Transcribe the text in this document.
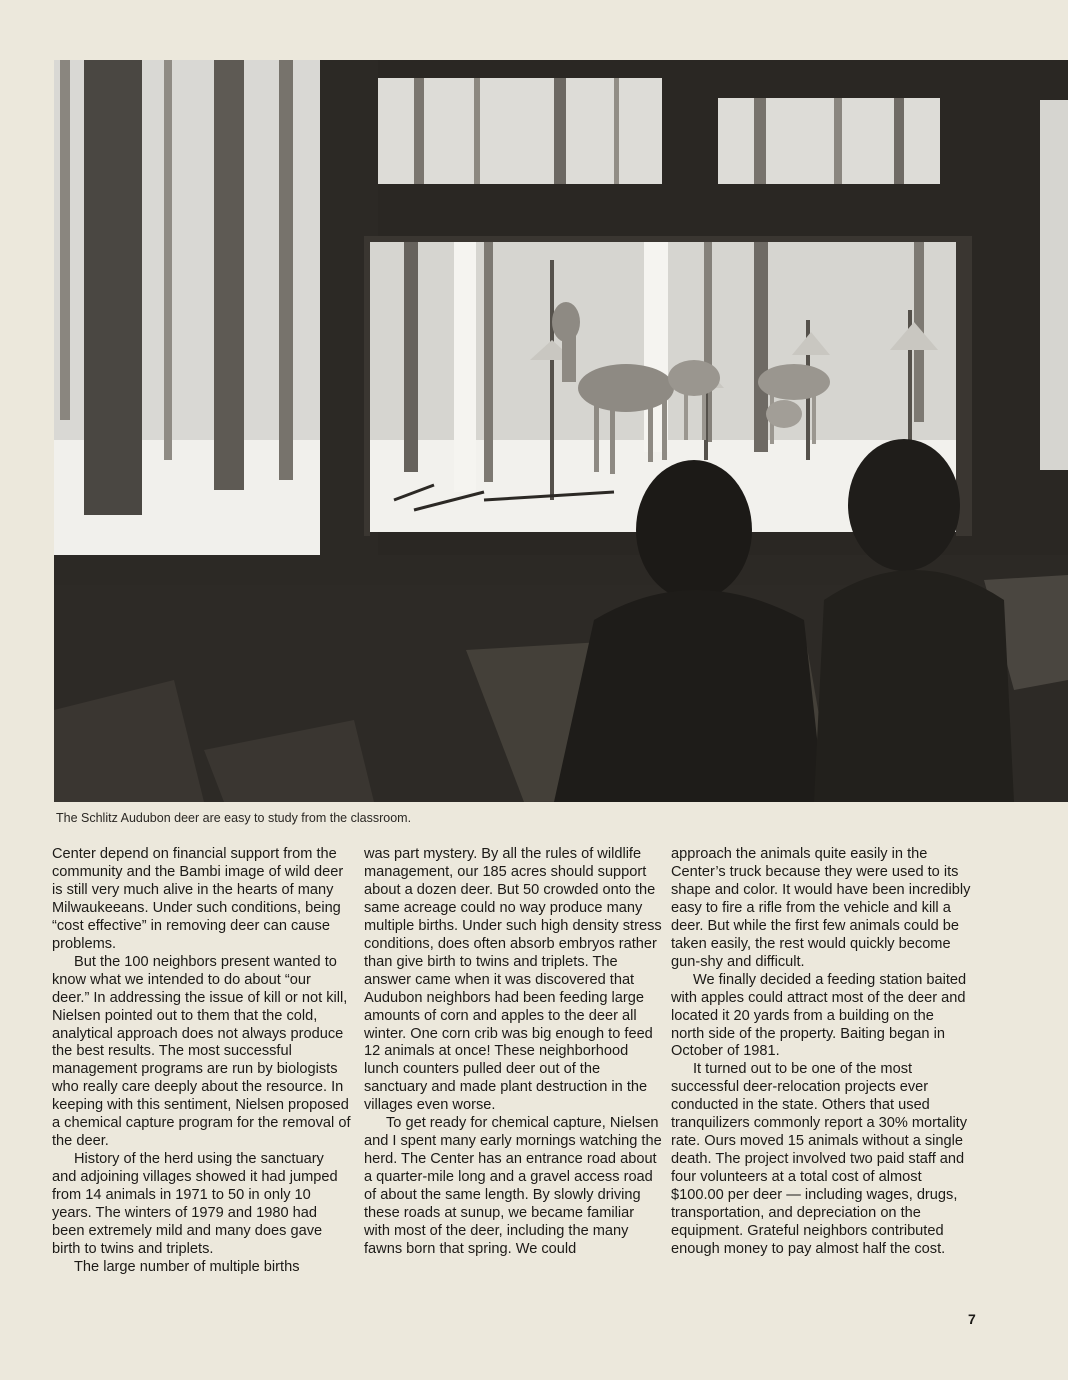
The Schlitz Audubon deer are easy to study from the classroom.

Center depend on financial support from the community and the Bambi image of wild deer is still very much alive in the hearts of many Milwaukeeans. Under such conditions, being “cost effective” in removing deer can cause problems.

But the 100 neighbors present wanted to know what we intended to do about “our deer.” In addressing the issue of kill or not kill, Nielsen pointed out to them that the cold, analytical approach does not always produce the best results. The most successful management programs are run by biologists who really care deeply about the resource. In keeping with this sentiment, Nielsen proposed a chemical capture program for the removal of the deer.

History of the herd using the sanctuary and adjoining villages showed it had jumped from 14 animals in 1971 to 50 in only 10 years. The winters of 1979 and 1980 had been extremely mild and many does gave birth to twins and triplets.

The large number of multiple births

was part mystery. By all the rules of wildlife management, our 185 acres should support about a dozen deer. But 50 crowded onto the same acreage could no way produce many multiple births. Under such high density stress conditions, does often absorb embryos rather than give birth to twins and triplets. The answer came when it was discovered that Audubon neighbors had been feeding large amounts of corn and apples to the deer all winter. One corn crib was big enough to feed 12 animals at once! These neighborhood lunch counters pulled deer out of the sanctuary and made plant destruction in the villages even worse.

To get ready for chemical capture, Nielsen and I spent many early mornings watching the herd. The Center has an entrance road about a quarter-mile long and a gravel access road of about the same length. By slowly driving these roads at sunup, we became familiar with most of the deer, including the many fawns born that spring. We could

approach the animals quite easily in the Center’s truck because they were used to its shape and color. It would have been incredibly easy to fire a rifle from the vehicle and kill a deer. But while the first few animals could be taken easily, the rest would quickly become gun-shy and difficult.

We finally decided a feeding station baited with apples could attract most of the deer and located it 20 yards from a building on the north side of the property. Baiting began in October of 1981.

It turned out to be one of the most successful deer-relocation projects ever conducted in the state. Others that used tranquilizers commonly report a 30% mortality rate. Ours moved 15 animals without a single death. The project involved two paid staff and four volunteers at a total cost of almost $100.00 per deer — including wages, drugs, transportation, and depreciation on the equipment. Grateful neighbors contributed enough money to pay almost half the cost.

7
